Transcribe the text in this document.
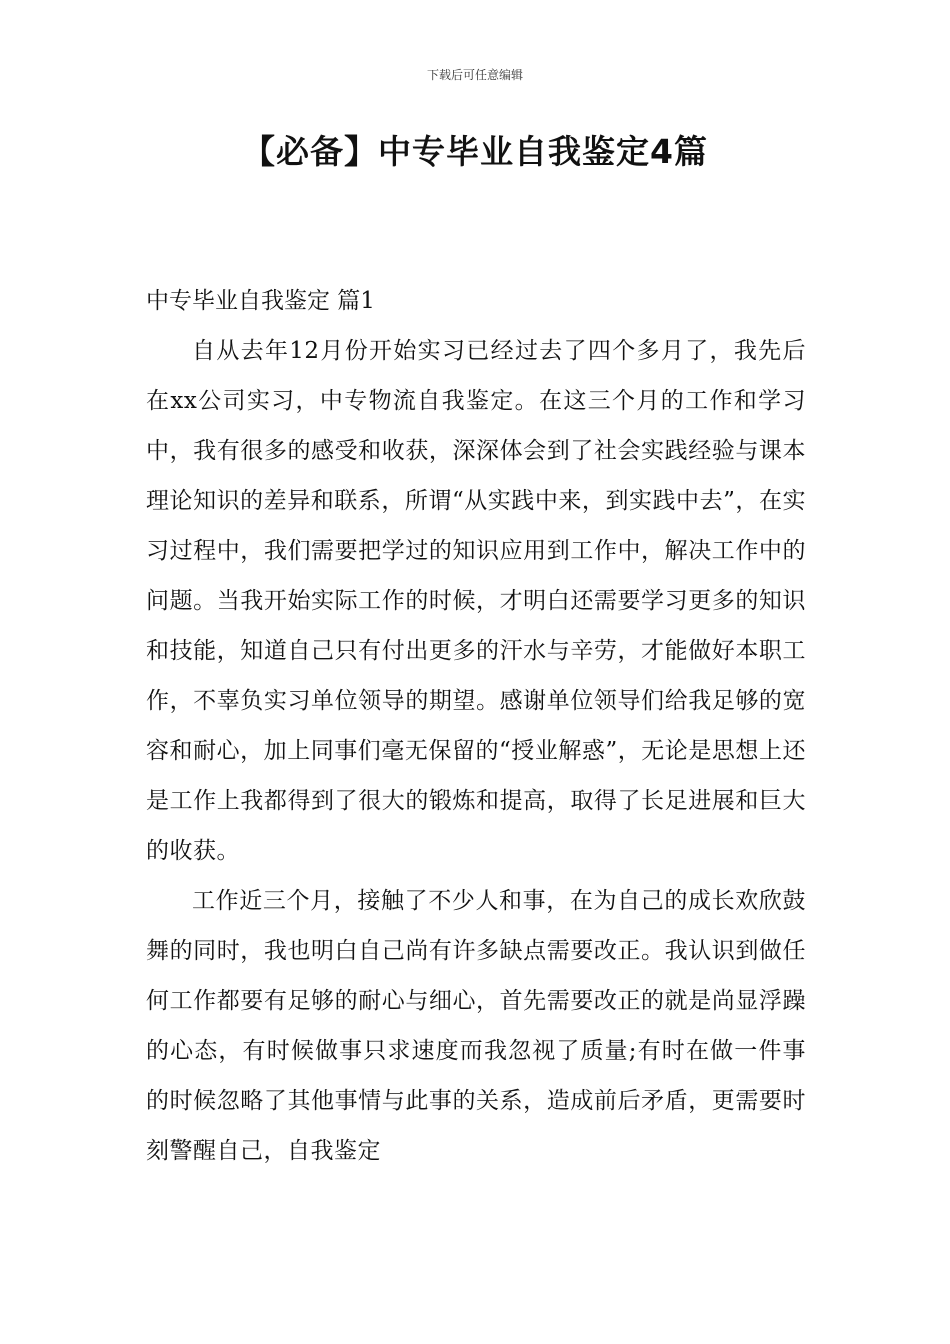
下载后可任意编辑
【必备】中专毕业自我鉴定4篇
中专毕业自我鉴定 篇1

自从去年12月份开始实习已经过去了四个多月了，我先后在xx公司实习，中专物流自我鉴定。在这三个月的工作和学习中，我有很多的感受和收获，深深体会到了社会实践经验与课本理论知识的差异和联系，所谓“从实践中来，到实践中去”，在实习过程中，我们需要把学过的知识应用到工作中，解决工作中的问题。当我开始实际工作的时候，才明白还需要学习更多的知识和技能，知道自己只有付出更多的汗水与辛劳，才能做好本职工作，不辜负实习单位领导的期望。感谢单位领导们给我足够的宽容和耐心，加上同事们毫无保留的“授业解惑”，无论是思想上还是工作上我都得到了很大的锻炼和提高，取得了长足进展和巨大的收获。

工作近三个月，接触了不少人和事，在为自己的成长欢欣鼓舞的同时，我也明白自己尚有许多缺点需要改正。我认识到做任何工作都要有足够的耐心与细心，首先需要改正的就是尚显浮躁的心态，有时候做事只求速度而我忽视了质量;有时在做一件事的时候忽略了其他事情与此事的关系，造成前后矛盾，更需要时刻警醒自己，自我鉴定
